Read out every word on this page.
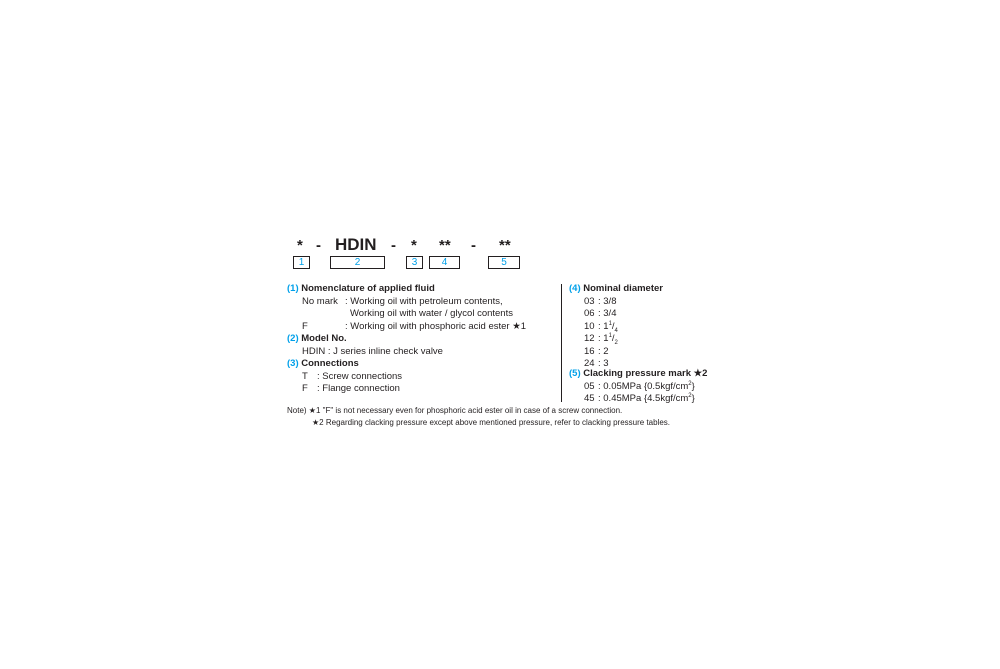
* - HDIN - * ** - **
1	2	3	4	5
(1) Nomenclature of applied fluid
No mark : Working oil with petroleum contents,
Working oil with water / glycol contents
F	: Working oil with phosphoric acid ester ★1
(2) Model No.
HDIN : J series inline check valve
(3) Connections
T : Screw connections
F : Flange connection
(4) Nominal diameter
03 : 3/8
06 : 3/4
10 : $1^1/_4$
12 : $1^1/_2$
16 : 2
24 : 3
(5) Clacking pressure mark ★2
05 : 0.05MPa $\{0.5kgf/cm^2\}$
45 : 0.45MPa $\{4.5kgf/cm^2\}$
Note) ★1 "F" is not necessary even for phosphoric acid ester oil in case of a screw connection.
★2 Regarding clacking pressure except above mentioned pressure, refer to clacking pressure tables.
